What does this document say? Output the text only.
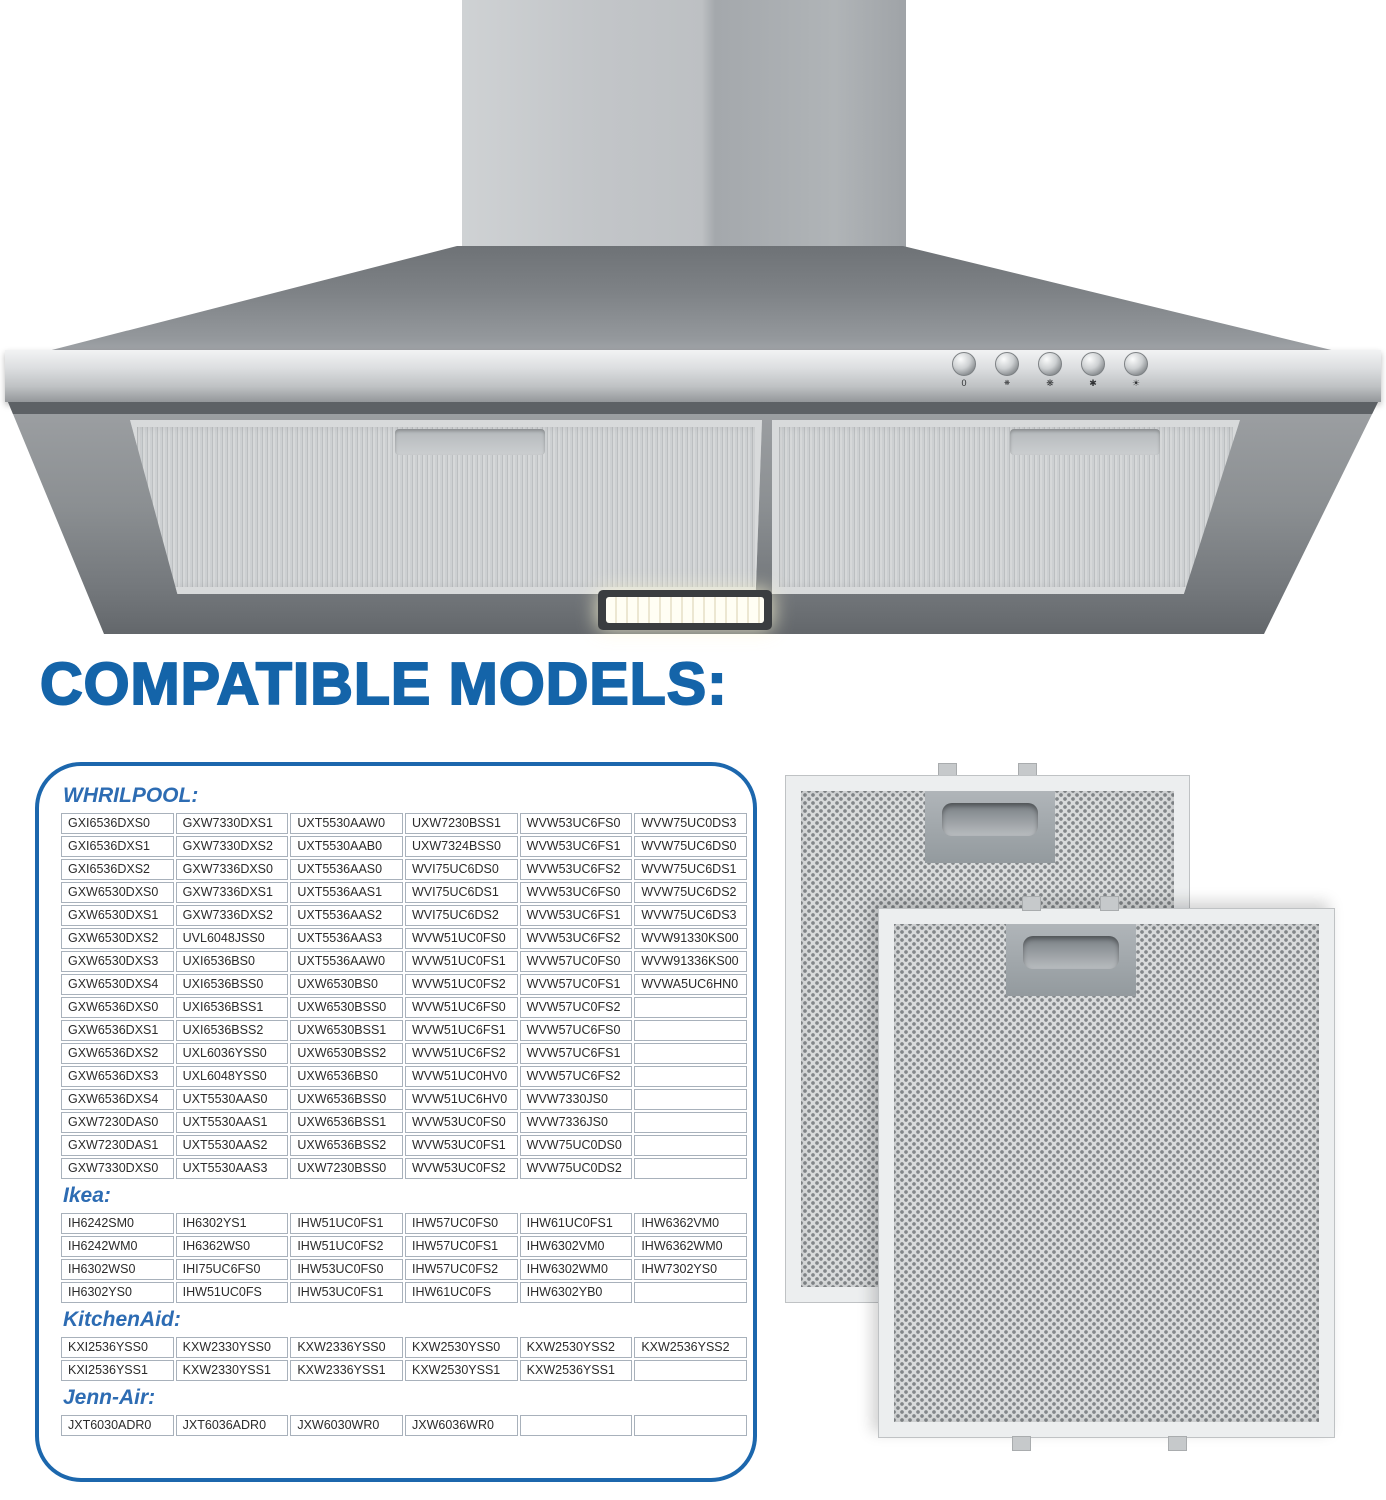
0	❋	❋	✱	☀
COMPATIBLE MODELS:
WHRILPOOL:
GXI6536DXS0	GXW7330DXS1	UXT5530AAW0	UXW7230BSS1	WVW53UC6FS0	WVW75UC0DS3
GXI6536DXS1	GXW7330DXS2	UXT5530AAB0	UXW7324BSS0	WVW53UC6FS1	WVW75UC6DS0
GXI6536DXS2	GXW7336DXS0	UXT5536AAS0	WVI75UC6DS0	WVW53UC6FS2	WVW75UC6DS1
GXW6530DXS0	GXW7336DXS1	UXT5536AAS1	WVI75UC6DS1	WVW53UC6FS0	WVW75UC6DS2
GXW6530DXS1	GXW7336DXS2	UXT5536AAS2	WVI75UC6DS2	WVW53UC6FS1	WVW75UC6DS3
GXW6530DXS2	UVL6048JSS0	UXT5536AAS3	WVW51UC0FS0	WVW53UC6FS2	WVW91330KS00
GXW6530DXS3	UXI6536BS0	UXT5536AAW0	WVW51UC0FS1	WVW57UC0FS0	WVW91336KS00
GXW6530DXS4	UXI6536BSS0	UXW6530BS0	WVW51UC0FS2	WVW57UC0FS1	WVWA5UC6HN0
GXW6536DXS0	UXI6536BSS1	UXW6530BSS0	WVW51UC6FS0	WVW57UC0FS2
GXW6536DXS1	UXI6536BSS2	UXW6530BSS1	WVW51UC6FS1	WVW57UC6FS0
GXW6536DXS2	UXL6036YSS0	UXW6530BSS2	WVW51UC6FS2	WVW57UC6FS1
GXW6536DXS3	UXL6048YSS0	UXW6536BS0	WVW51UC0HV0	WVW57UC6FS2
GXW6536DXS4	UXT5530AAS0	UXW6536BSS0	WVW51UC6HV0	WVW7330JS0
GXW7230DAS0	UXT5530AAS1	UXW6536BSS1	WVW53UC0FS0	WVW7336JS0
GXW7230DAS1	UXT5530AAS2	UXW6536BSS2	WVW53UC0FS1	WVW75UC0DS0
GXW7330DXS0	UXT5530AAS3	UXW7230BSS0	WVW53UC0FS2	WVW75UC0DS2
Ikea:
IH6242SM0	IH6302YS1	IHW51UC0FS1	IHW57UC0FS0	IHW61UC0FS1	IHW6362VM0
IH6242WM0	IH6362WS0	IHW51UC0FS2	IHW57UC0FS1	IHW6302VM0	IHW6362WM0
IH6302WS0	IHI75UC6FS0	IHW53UC0FS0	IHW57UC0FS2	IHW6302WM0	IHW7302YS0
IH6302YS0	IHW51UC0FS	IHW53UC0FS1	IHW61UC0FS	IHW6302YB0
KitchenAid:
KXI2536YSS0	KXW2330YSS0	KXW2336YSS0	KXW2530YSS0	KXW2530YSS2	KXW2536YSS2
KXI2536YSS1	KXW2330YSS1	KXW2336YSS1	KXW2530YSS1	KXW2536YSS1
Jenn-Air:
JXT6030ADR0	JXT6036ADR0	JXW6030WR0	JXW6036WR0
